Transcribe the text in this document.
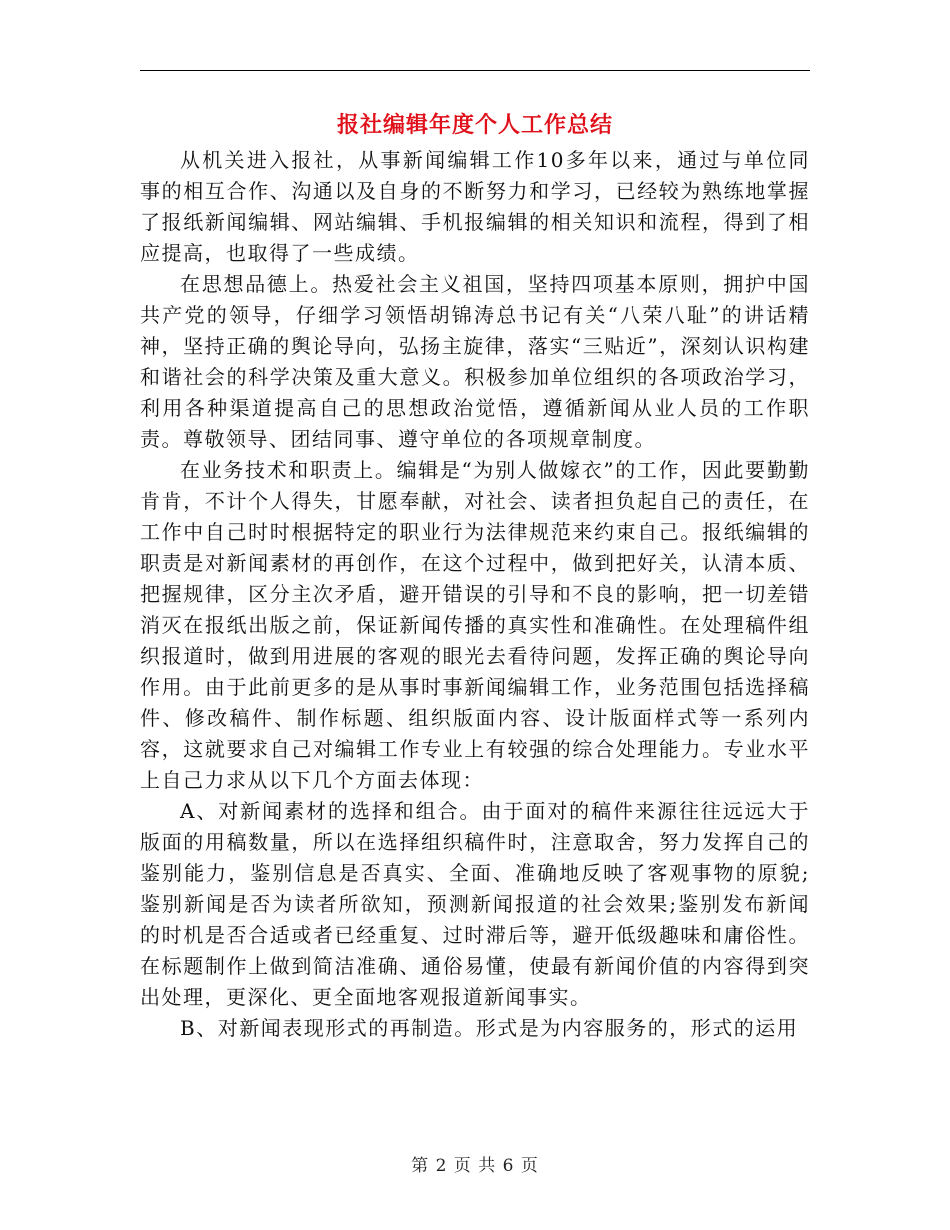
报社编辑年度个人工作总结

从机关进入报社，从事新闻编辑工作10多年以来，通过与单位同事的相互合作、沟通以及自身的不断努力和学习，已经较为熟练地掌握了报纸新闻编辑、网站编辑、手机报编辑的相关知识和流程，得到了相应提高，也取得了一些成绩。

在思想品德上。热爱社会主义祖国，坚持四项基本原则，拥护中国共产党的领导，仔细学习领悟胡锦涛总书记有关“八荣八耻”的讲话精神，坚持正确的舆论导向，弘扬主旋律，落实“三贴近”，深刻认识构建和谐社会的科学决策及重大意义。积极参加单位组织的各项政治学习，利用各种渠道提高自己的思想政治觉悟，遵循新闻从业人员的工作职责。尊敬领导、团结同事、遵守单位的各项规章制度。

在业务技术和职责上。编辑是“为别人做嫁衣”的工作，因此要勤勤肯肯，不计个人得失，甘愿奉献，对社会、读者担负起自己的责任，在工作中自己时时根据特定的职业行为法律规范来约束自己。报纸编辑的职责是对新闻素材的再创作，在这个过程中，做到把好关，认清本质、把握规律，区分主次矛盾，避开错误的引导和不良的影响，把一切差错消灭在报纸出版之前，保证新闻传播的真实性和准确性。在处理稿件组织报道时，做到用进展的客观的眼光去看待问题，发挥正确的舆论导向作用。由于此前更多的是从事时事新闻编辑工作，业务范围包括选择稿件、修改稿件、制作标题、组织版面内容、设计版面样式等一系列内容，这就要求自己对编辑工作专业上有较强的综合处理能力。专业水平上自己力求从以下几个方面去体现：

A、对新闻素材的选择和组合。由于面对的稿件来源往往远远大于版面的用稿数量，所以在选择组织稿件时，注意取舍，努力发挥自己的鉴别能力，鉴别信息是否真实、全面、准确地反映了客观事物的原貌;鉴别新闻是否为读者所欲知，预测新闻报道的社会效果;鉴别发布新闻的时机是否合适或者已经重复、过时滞后等，避开低级趣味和庸俗性。在标题制作上做到简洁准确、通俗易懂，使最有新闻价值的内容得到突出处理，更深化、更全面地客观报道新闻事实。

B、对新闻表现形式的再制造。形式是为内容服务的，形式的运用

第 2 页 共 6 页
